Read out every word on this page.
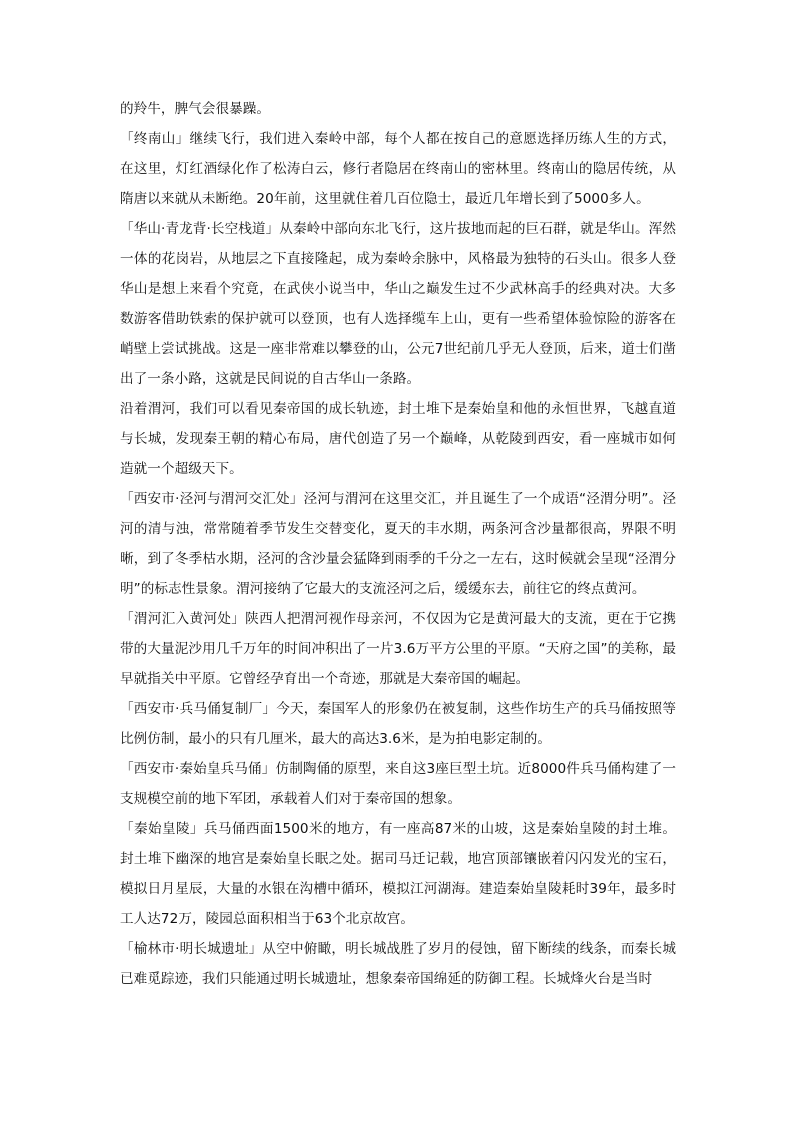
的羚牛，脾气会很暴躁。

「终南山」继续飞行，我们进入秦岭中部，每个人都在按自己的意愿选择历练人生的方式，在这里，灯红酒绿化作了松涛白云，修行者隐居在终南山的密林里。终南山的隐居传统，从隋唐以来就从未断绝。20年前，这里就住着几百位隐士，最近几年增长到了5000多人。

「华山·青龙背·长空栈道」从秦岭中部向东北飞行，这片拔地而起的巨石群，就是华山。浑然一体的花岗岩，从地层之下直接隆起，成为秦岭余脉中，风格最为独特的石头山。很多人登华山是想上来看个究竟，在武侠小说当中，华山之巅发生过不少武林高手的经典对决。大多数游客借助铁索的保护就可以登顶，也有人选择缆车上山，更有一些希望体验惊险的游客在峭壁上尝试挑战。这是一座非常难以攀登的山，公元7世纪前几乎无人登顶，后来，道士们凿出了一条小路，这就是民间说的自古华山一条路。

沿着渭河，我们可以看见秦帝国的成长轨迹，封土堆下是秦始皇和他的永恒世界，飞越直道与长城，发现秦王朝的精心布局，唐代创造了另一个巅峰，从乾陵到西安，看一座城市如何造就一个超级天下。

「西安市·泾河与渭河交汇处」泾河与渭河在这里交汇，并且诞生了一个成语“泾渭分明”。泾河的清与浊，常常随着季节发生交替变化，夏天的丰水期，两条河含沙量都很高，界限不明晰，到了冬季枯水期，泾河的含沙量会猛降到雨季的千分之一左右，这时候就会呈现“泾渭分明”的标志性景象。渭河接纳了它最大的支流泾河之后，缓缓东去，前往它的终点黄河。

「渭河汇入黄河处」陕西人把渭河视作母亲河，不仅因为它是黄河最大的支流，更在于它携带的大量泥沙用几千万年的时间冲积出了一片3.6万平方公里的平原。“天府之国”的美称，最早就指关中平原。它曾经孕育出一个奇迹，那就是大秦帝国的崛起。

「西安市·兵马俑复制厂」今天，秦国军人的形象仍在被复制，这些作坊生产的兵马俑按照等比例仿制，最小的只有几厘米，最大的高达3.6米，是为拍电影定制的。

「西安市·秦始皇兵马俑」仿制陶俑的原型，来自这3座巨型土坑。近8000件兵马俑构建了一支规模空前的地下军团，承载着人们对于秦帝国的想象。

「秦始皇陵」兵马俑西面1500米的地方，有一座高87米的山坡，这是秦始皇陵的封土堆。封土堆下幽深的地宫是秦始皇长眠之处。据司马迁记载，地宫顶部镶嵌着闪闪发光的宝石，模拟日月星辰，大量的水银在沟槽中循环，模拟江河湖海。建造秦始皇陵耗时39年，最多时工人达72万，陵园总面积相当于63个北京故宫。

「榆林市·明长城遗址」从空中俯瞰，明长城战胜了岁月的侵蚀，留下断续的线条，而秦长城已难觅踪迹，我们只能通过明长城遗址，想象秦帝国绵延的防御工程。长城烽火台是当时
